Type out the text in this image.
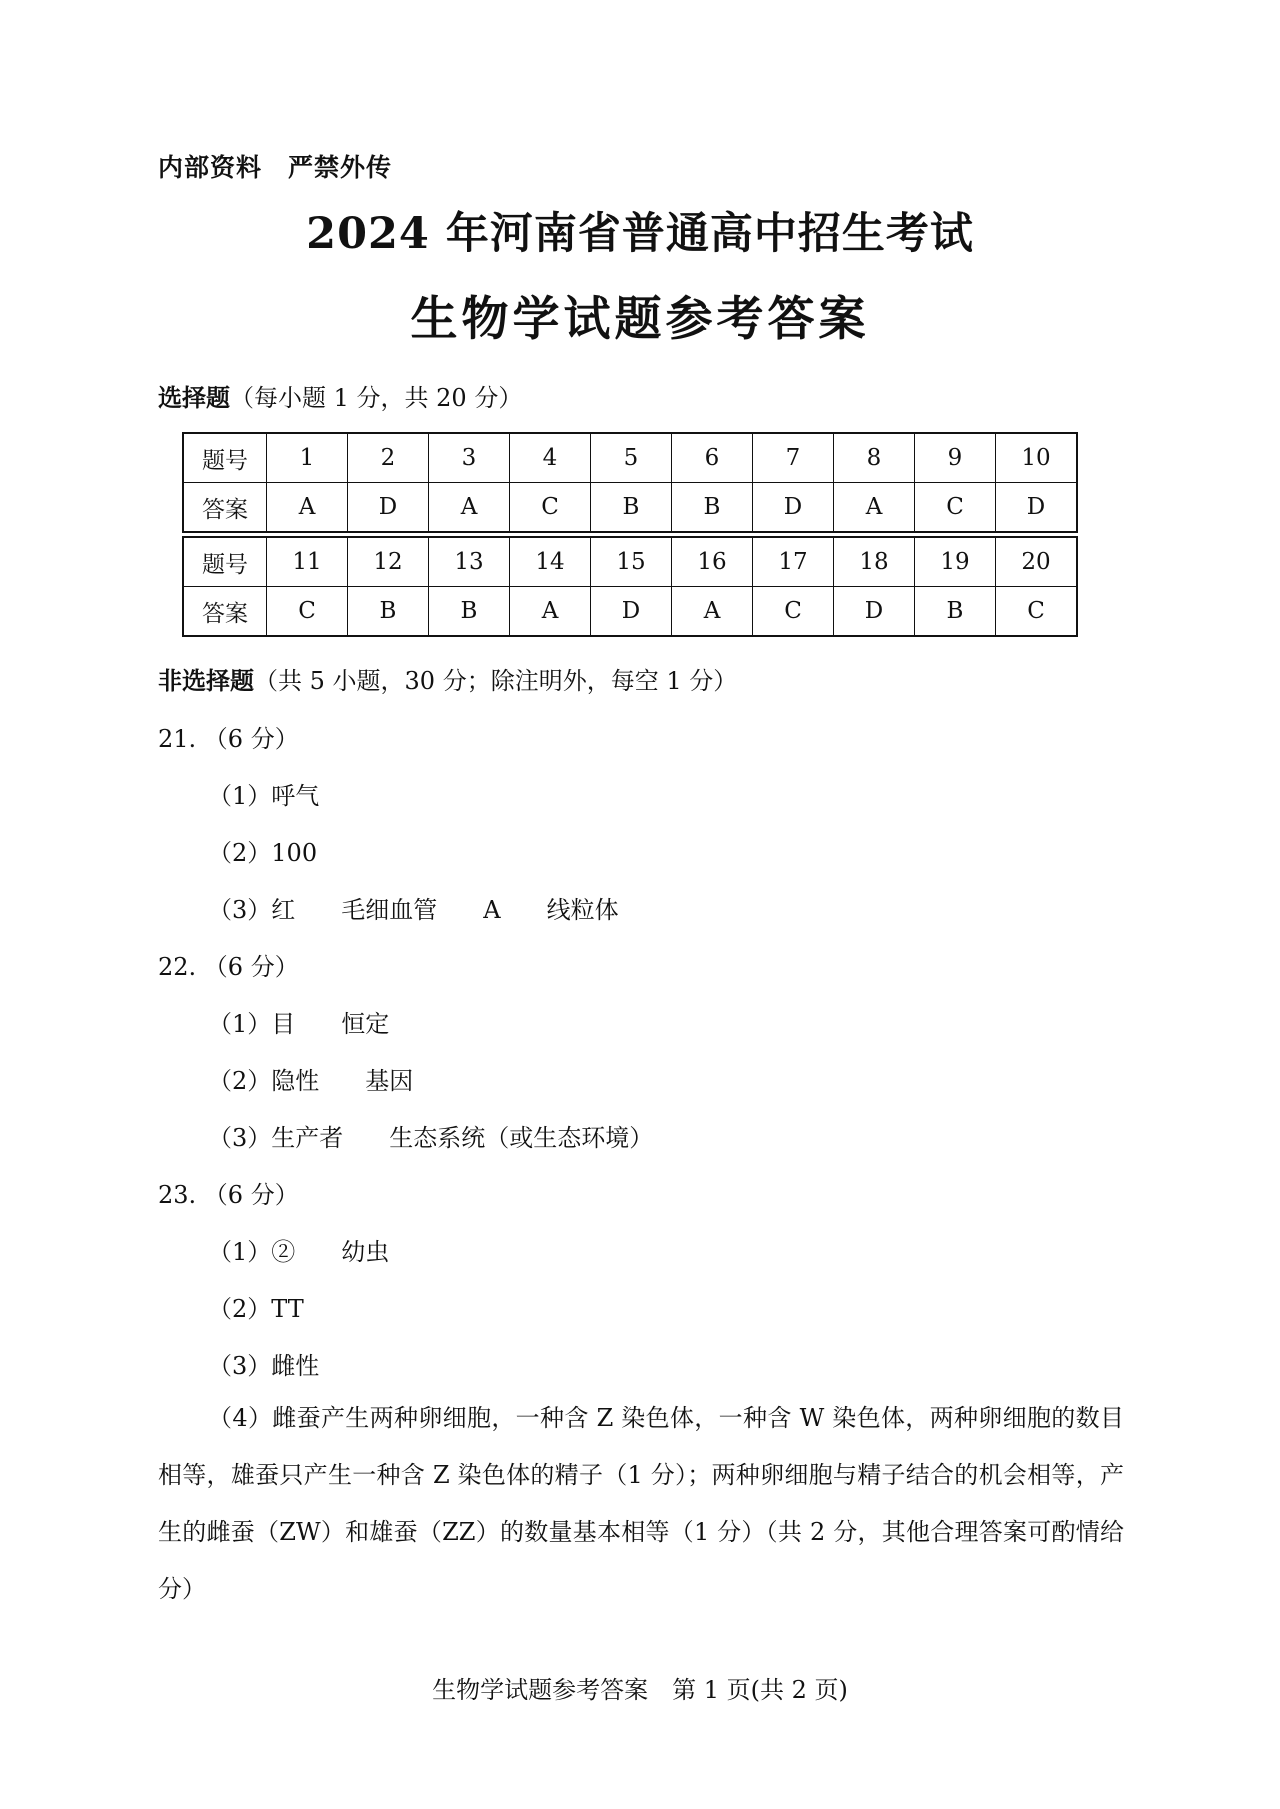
内部资料　严禁外传
2024 年河南省普通高中招生考试
生物学试题参考答案
选择题（每小题 1 分，共 20 分）
题号	1	2	3	4	5	6	7	8	9	10
答案	A	D	A	C	B	B	D	A	C	D
题号	11	12	13	14	15	16	17	18	19	20
答案	C	B	B	A	D	A	C	D	B	C
非选择题（共 5 小题，30 分；除注明外，每空 1 分）
21. （6 分）
（1）呼气
（2）100
（3）红 毛细血管 A 线粒体
22. （6 分）
（1）目 恒定
（2）隐性 基因
（3）生产者 生态系统（或生态环境）
23. （6 分）
（1）② 幼虫
（2）TT
（3）雌性

（4）雌蚕产生两种卵细胞，一种含 Z 染色体，一种含 W 染色体，两种卵细胞的数目相等，雄蚕只产生一种含 Z 染色体的精子（1 分）；两种卵细胞与精子结合的机会相等，产生的雌蚕（ZW）和雄蚕（ZZ）的数量基本相等（1 分）（共 2 分，其他合理答案可酌情给分）

生物学试题参考答案　第 1 页(共 2 页)
